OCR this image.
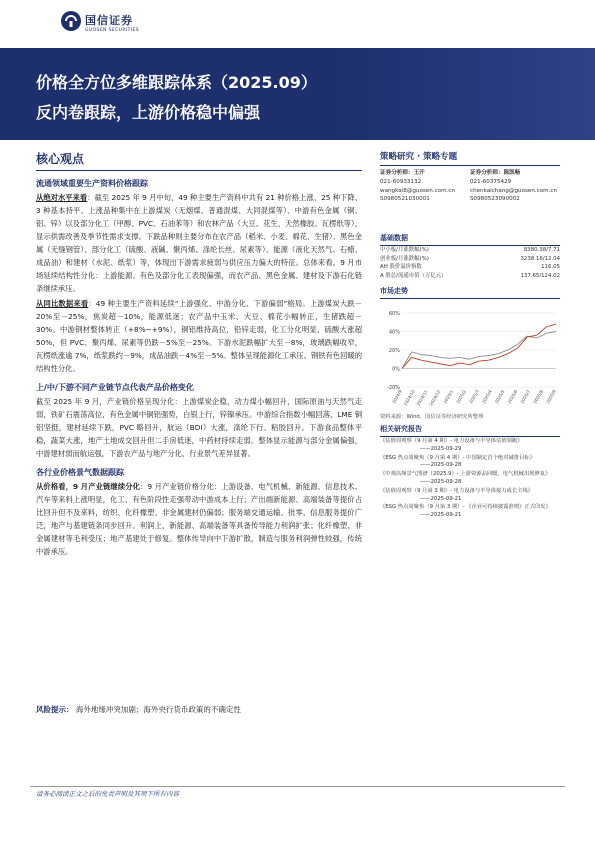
国信证券
GUOSEN SECURITIES
价格全方位多维跟踪体系（2025.09）
反内卷跟踪，上游价格稳中偏强
核心观点
流通领域重要生产资料价格跟踪

从绝对水平来看：截至 2025 年 9 月中旬，49 种主要生产资料中共有 21 种价格上涨、25 种下降、3 种基本持平。上涨品种集中在上游煤炭（无烟煤、普通混煤、大同混煤等）、中游有色金属（铜、铝、锌）以及部分化工（甲醇、PVC、石油苯等）和农林产品（大豆、花生、天然橡胶、瓦楞纸等），显示供需改善及季节性需求支撑。下跌品种则主要分布在农产品（稻米、小麦、棉花、生猪）、黑色金属（无缝钢管）、部分化工（硫酸、液碱、聚丙烯、涤纶长丝、尿素等）、能源（液化天然气、石蜡、成品油）和建材（水泥、纸浆）等，体现出下游需求疲弱与供应压力偏大的特征。总体来看，9 月市场延续结构性分化：上游能源、有色及部分化工表现偏强，而农产品、黑色金属、建材及下游石化链条继续承压。

从同比数据来看：49 种主要生产资料延续“上游强化、中游分化、下游偏弱”格局。上游煤炭大跌－20%至－25%，焦炭超－10%，能源低迷；农产品中玉米、大豆、棉花小幅转正，生猪跌超－30%。中游钢材整体转正（+8%~+9%），铜铝维持高位，铅锌走弱，化工分化明显，硫酸大涨超 50%，但 PVC、聚丙烯、尿素等仍跌－5%至－25%。下游水泥跌幅扩大至－8%，玻璃跌幅收窄，瓦楞纸涨逾 7%，纸浆跌约－9%，成品油跌－4%至－5%。整体呈现能源化工承压、钢铁有色回暖的结构性分化。

上/中/下游不同产业链节点代表产品价格变化

截至 2025 年 9 月，产业链价格呈现分化：上游煤炭企稳，动力煤小幅回升，国际原油与天然气走弱，铁矿石震荡高位，有色金属中铜铝强势，白银上行，锌镍承压。中游综合指数小幅回落，LME 铜铝坚挺，建材延续下跌，PVC 略回升，航运（BDI）大涨，涤纶下行、粘胶回升。下游食品整体平稳，蔬菜大涨，地产土地成交回升但二手房低迷，中药材持续走弱。整体显示能源与部分金属偏强，中游建材弱而航运强，下游农产品与地产分化，行业景气差异显著。

各行业价格景气数据跟踪

从价格看，9 月产业链继续分化：9 月产业链价格分化：上游设备、电气机械、新能源、信息技术、汽车等来料上涨明显，化工、有色阶段性走强带动中游成本上行；产出端新能源、高端装备等提价占比回升但不及来料，纺织、化纤橡塑、非金属建材仍偏弱；服务端交通运输、批零、信息服务提价广泛，地产与基建链条同步回升。利润上，新能源、高端装备等具备传导能力利润扩张；化纤橡塑、非金属建材等毛利受压；地产基建处于修复。整体传导向中下游扩散，制造与服务利润弹性较强，传统中游承压。

风险提示： 海外地缘冲突加剧；海外央行货币政策的不确定性
请务必阅读正文之后的免责声明及其项下所有内容
策略研究 · 策略专题
证券分析师：王开
021-60933132
wangkai8@guosen.com.cn
S0980521030001
证券分析师：陈凯畅
021-60375429
chenkaichang@guosen.com.cn
S0980523090002
基础数据
中小板/月涨跌幅(%)	8380.38/7.71
创业板/月涨跌幅(%)	3238.16/12.04
AH 股价溢价指数	116.05
A 股总/流通市值（万亿元）	137.65/124.02
市场走势
-20%
0%
20%
40%
60%
2024/9 2024/10 2024/11 2024/12 2025/1 2025/2 2025/3 2025/4 2025/5 2025/6 2025/7 2025/8 2025/9
资料来源：Wind、国信证券经济研究所整理
相关研究报告
《估值周观察（9 月第 4 期）- 电力设备与半导体估值领跑》
——2025-09-29
《ESG 热点周聚焦（9 月第 4 期）- 中国制定首个绝对减排目标》
——2025-09-28
《中观高频景气图谱（2025.9）- 上游资源品回暖，电气机械出现修复》
——2025-09-28
《估值周观察（9 月第 3 期）- 电力设备与半导体接力成长主线》
——2025-09-21
《ESG 热点周聚焦（9 月第 3 期）- 《企业可持续披露准则》正式印发》
——2025-09-21
